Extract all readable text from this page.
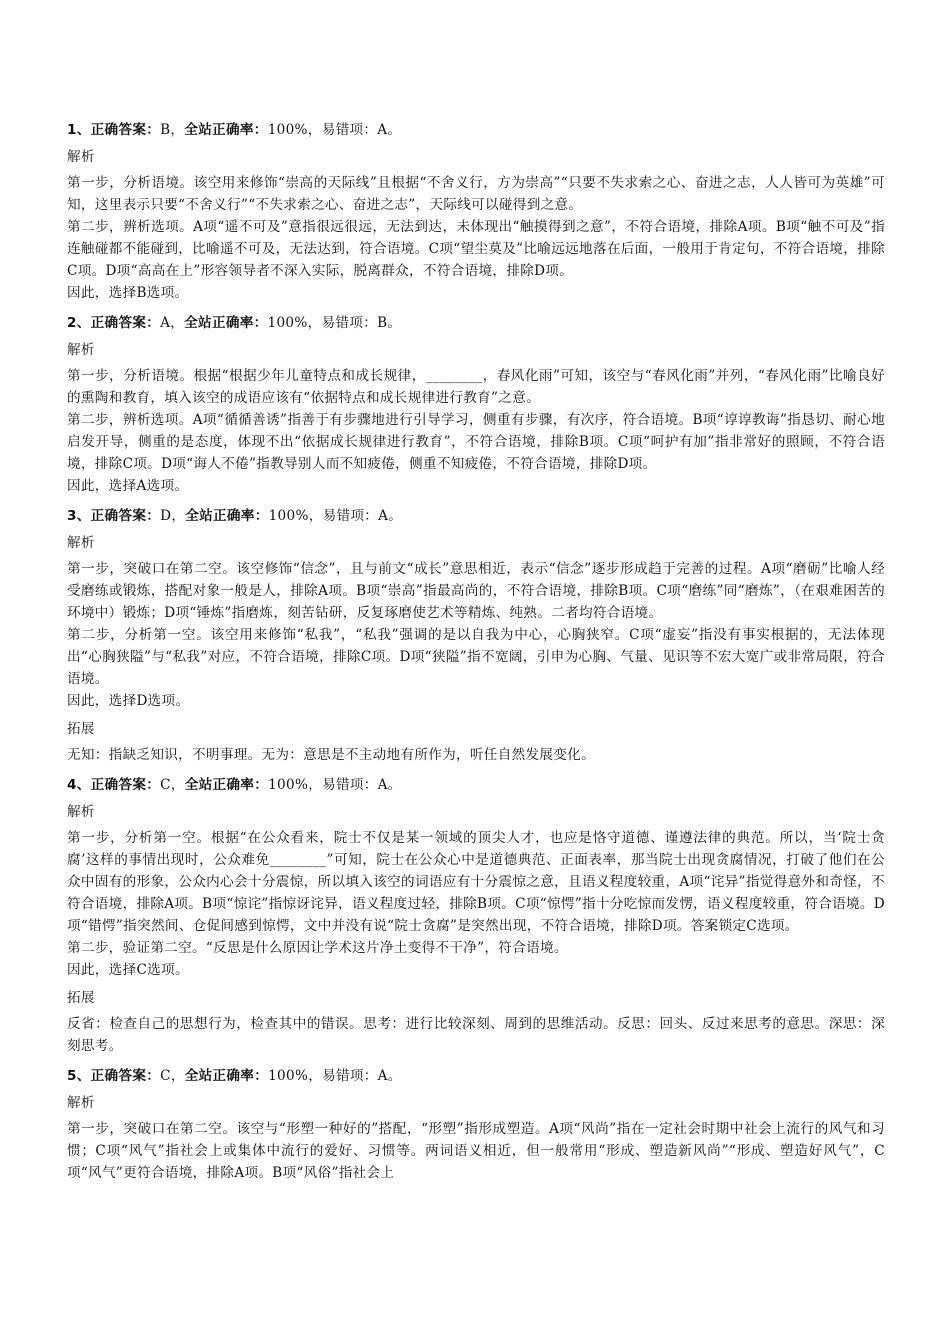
1、正确答案：B，全站正确率：100%，易错项：A。

解析

第一步，分析语境。该空用来修饰“崇高的天际线”且根据“不舍义行，方为崇高”“只要不失求索之心、奋进之志，人人皆可为英雄”可知，这里表示只要“不舍义行”“不失求索之心、奋进之志”，天际线可以碰得到之意。

第二步，辨析选项。A项“遥不可及”意指很远很远，无法到达，未体现出“触摸得到之意”，不符合语境，排除A项。B项“触不可及”指连触碰都不能碰到，比喻遥不可及，无法达到，符合语境。C项“望尘莫及”比喻远远地落在后面，一般用于肯定句，不符合语境，排除C项。D项“高高在上”形容领导者不深入实际，脱离群众，不符合语境，排除D项。

因此，选择B选项。

2、正确答案：A，全站正确率：100%，易错项：B。

解析

第一步，分析语境。根据“根据少年儿童特点和成长规律，________，春风化雨”可知，该空与“春风化雨”并列，“春风化雨”比喻良好的熏陶和教育，填入该空的成语应该有“依据特点和成长规律进行教育”之意。

第二步，辨析选项。A项“循循善诱”指善于有步骤地进行引导学习，侧重有步骤，有次序，符合语境。B项“谆谆教诲”指恳切、耐心地启发开导，侧重的是态度，体现不出“依据成长规律进行教育”，不符合语境，排除B项。C项“呵护有加”指非常好的照顾，不符合语境，排除C项。D项“诲人不倦”指教导别人而不知疲倦，侧重不知疲倦，不符合语境，排除D项。

因此，选择A选项。

3、正确答案：D，全站正确率：100%，易错项：A。

解析

第一步，突破口在第二空。该空修饰“信念”，且与前文“成长”意思相近，表示“信念”逐步形成趋于完善的过程。A项“磨砺”比喻人经受磨练或锻炼，搭配对象一般是人，排除A项。B项“崇高”指最高尚的，不符合语境，排除B项。C项“磨练”同“磨炼”，（在艰难困苦的环境中）锻炼；D项“锤炼”指磨炼，刻苦钻研，反复琢磨使艺术等精炼、纯熟。二者均符合语境。

第二步，分析第一空。该空用来修饰“私我”，“私我”强调的是以自我为中心，心胸狭窄。C项“虚妄”指没有事实根据的，无法体现出“心胸狭隘”与“私我”对应，不符合语境，排除C项。D项“狭隘”指不宽阔，引申为心胸、气量、见识等不宏大宽广或非常局限，符合语境。

因此，选择D选项。

拓展

无知：指缺乏知识，不明事理。无为：意思是不主动地有所作为，听任自然发展变化。

4、正确答案：C，全站正确率：100%，易错项：A。

解析

第一步，分析第一空。根据“在公众看来，院士不仅是某一领域的顶尖人才，也应是恪守道德、谨遵法律的典范。所以，当‘院士贪腐’这样的事情出现时，公众难免________”可知，院士在公众心中是道德典范、正面表率，那当院士出现贪腐情况，打破了他们在公众中固有的形象，公众内心会十分震惊，所以填入该空的词语应有十分震惊之意，且语义程度较重，A项“诧异”指觉得意外和奇怪，不符合语境，排除A项。B项“惊诧”指惊讶诧异，语义程度过轻，排除B项。C项“惊愕”指十分吃惊而发愣，语义程度较重，符合语境。D项“错愕”指突然间、仓促间感到惊愕，文中并没有说“院士贪腐”是突然出现，不符合语境，排除D项。答案锁定C选项。

第二步，验证第二空。“反思是什么原因让学术这片净土变得不干净”，符合语境。

因此，选择C选项。

拓展

反省：检查自己的思想行为，检查其中的错误。思考：进行比较深刻、周到的思维活动。反思：回头、反过来思考的意思。深思：深刻思考。

5、正确答案：C，全站正确率：100%，易错项：A。

解析

第一步，突破口在第二空。该空与“形塑一种好的”搭配，“形塑”指形成塑造。A项“风尚”指在一定社会时期中社会上流行的风气和习惯；C项“风气”指社会上或集体中流行的爱好、习惯等。两词语义相近，但一般常用“形成、塑造新风尚”“形成、塑造好风气”，C项“风气”更符合语境，排除A项。B项“风俗”指社会上
